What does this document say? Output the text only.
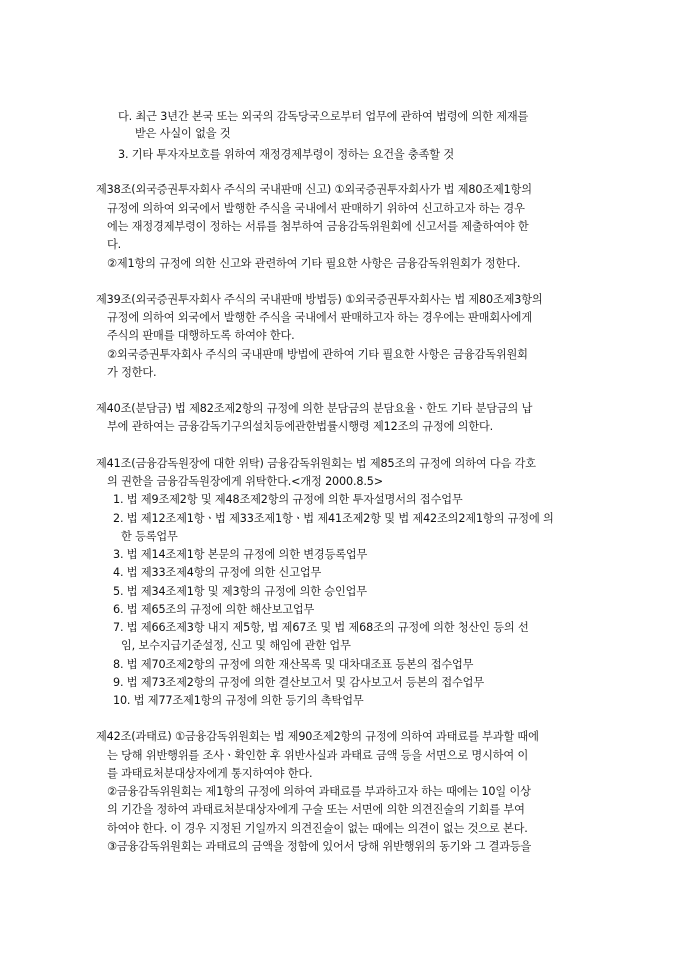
다. 최근 3년간 본국 또는 외국의 감독당국으로부터 업무에 관하여 법령에 의한 제재를
받은 사실이 없을 것
3. 기타 투자자보호를 위하여 재정경제부령이 정하는 요건을 충족할 것
제38조(외국증권투자회사 주식의 국내판매 신고) ①외국증권투자회사가 법 제80조제1항의
규정에 의하여 외국에서 발행한 주식을 국내에서 판매하기 위하여 신고하고자 하는 경우
에는 재정경제부령이 정하는 서류를 첨부하여 금융감독위원회에 신고서를 제출하여야 한
다.
②제1항의 규정에 의한 신고와 관련하여 기타 필요한 사항은 금융감독위원회가 정한다.
제39조(외국증권투자회사 주식의 국내판매 방법등) ①외국증권투자회사는 법 제80조제3항의
규정에 의하여 외국에서 발행한 주식을 국내에서 판매하고자 하는 경우에는 판매회사에게
주식의 판매를 대행하도록 하여야 한다.
②외국증권투자회사 주식의 국내판매 방법에 관하여 기타 필요한 사항은 금융감독위원회
가 정한다.
제40조(분담금) 법 제82조제2항의 규정에 의한 분담금의 분담요율ㆍ한도 기타 분담금의 납
부에 관하여는 금융감독기구의설치등에관한법률시행령 제12조의 규정에 의한다.
제41조(금융감독원장에 대한 위탁) 금융감독위원회는 법 제85조의 규정에 의하여 다음 각호
의 권한을 금융감독원장에게 위탁한다.<개정 2000.8.5>
1. 법 제9조제2항 및 제48조제2항의 규정에 의한 투자설명서의 접수업무
2. 법 제12조제1항ㆍ법 제33조제1항ㆍ법 제41조제2항 및 법 제42조의2제1항의 규정에 의
한 등록업무
3. 법 제14조제1항 본문의 규정에 의한 변경등록업무
4. 법 제33조제4항의 규정에 의한 신고업무
5. 법 제34조제1항 및 제3항의 규정에 의한 승인업무
6. 법 제65조의 규정에 의한 해산보고업무
7. 법 제66조제3항 내지 제5항, 법 제67조 및 법 제68조의 규정에 의한 청산인 등의 선
임, 보수지급기준설정, 신고 및 해임에 관한 업무
8. 법 제70조제2항의 규정에 의한 재산목록 및 대차대조표 등본의 접수업무
9. 법 제73조제2항의 규정에 의한 결산보고서 및 감사보고서 등본의 접수업무
10. 법 제77조제1항의 규정에 의한 등기의 촉탁업무
제42조(과태료) ①금융감독위원회는 법 제90조제2항의 규정에 의하여 과태료를 부과할 때에
는 당해 위반행위를 조사ㆍ확인한 후 위반사실과 과태료 금액 등을 서면으로 명시하여 이
를 과태료처분대상자에게 통지하여야 한다.
②금융감독위원회는 제1항의 규정에 의하여 과태료를 부과하고자 하는 때에는 10일 이상
의 기간을 정하여 과태료처분대상자에게 구술 또는 서면에 의한 의견진술의 기회를 부여
하여야 한다. 이 경우 지정된 기일까지 의견진술이 없는 때에는 의견이 없는 것으로 본다.
③금융감독위원회는 과태료의 금액을 정함에 있어서 당해 위반행위의 동기와 그 결과등을
